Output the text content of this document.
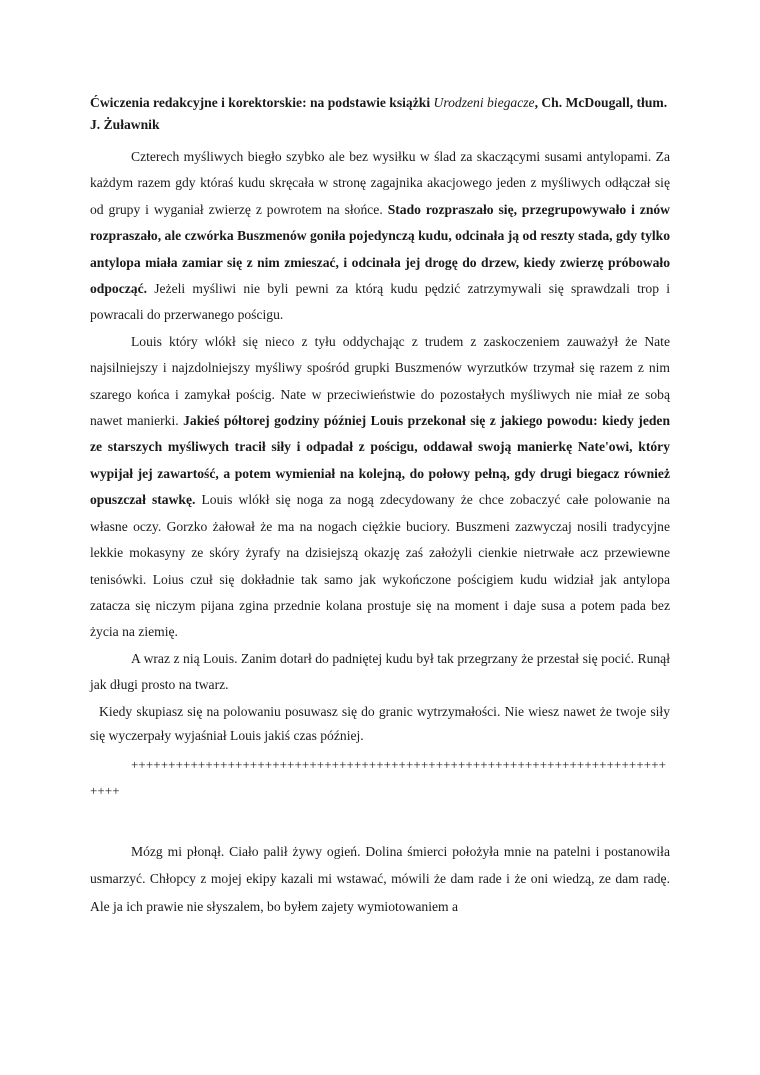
Ćwiczenia redakcyjne i korektorskie: na podstawie książki Urodzeni biegacze, Ch. McDougall, tłum. J. Żuławnik

Czterech myśliwych biegło szybko ale bez wysiłku w ślad za skaczącymi susami antylopami. Za każdym razem gdy któraś kudu skręcała w stronę zagajnika akacjowego jeden z myśliwych odłączał się od grupy i wyganiał zwierzę z powrotem na słońce. Stado rozpraszało się, przegrupowywało i znów rozpraszało, ale czwórka Buszmenów goniła pojedynczą kudu, odcinała ją od reszty stada, gdy tylko antylopa miała zamiar się z nim zmieszać, i odcinała jej drogę do drzew, kiedy zwierzę próbowało odpocząć. Jeżeli myśliwi nie byli pewni za którą kudu pędzić zatrzymywali się sprawdzali trop i powracali do przerwanego pościgu.

Louis który wlókł się nieco z tyłu oddychając z trudem z zaskoczeniem zauważył że Nate najsilniejszy i najzdolniejszy myśliwy spośród grupki Buszmenów wyrzutków trzymał się razem z nim szarego końca i zamykał pościg. Nate w przeciwieństwie do pozostałych myśliwych nie miał ze sobą nawet manierki. Jakieś półtorej godziny później Louis przekonał się z jakiego powodu: kiedy jeden ze starszych myśliwych tracił siły i odpadał z pościgu, oddawał swoją manierkę Nate'owi, który wypijał jej zawartość, a potem wymieniał na kolejną, do połowy pełną, gdy drugi biegacz również opuszczał stawkę. Louis wlókł się noga za nogą zdecydowany że chce zobaczyć całe polowanie na własne oczy. Gorzko żałował że ma na nogach ciężkie buciory. Buszmeni zazwyczaj nosili tradycyjne lekkie mokasyny ze skóry żyrafy na dzisiejszą okazję zaś założyli cienkie nietrwałe acz przewiewne tenisówki. Loius czuł się dokładnie tak samo jak wykończone pościgiem kudu widział jak antylopa zatacza się niczym pijana zgina przednie kolana prostuje się na moment i daje susa a potem pada bez życia na ziemię.

A wraz z nią Louis. Zanim dotarł do padniętej kudu był tak przegrzany że przestał się pocić. Runął jak długi prosto na twarz.

Kiedy skupiasz się na polowaniu posuwasz się do granic wytrzymałości. Nie wiesz nawet że twoje siły się wyczerpały wyjaśniał Louis jakiś czas później.

++++++++++++++++++++++++++++++++++++++++++++++++++++++++++++++++++++++++++++

Mózg mi płonął. Ciało palił żywy ogień. Dolina śmierci położyła mnie na patelni i postanowiła usmarzyć. Chłopcy z mojej ekipy kazali mi wstawać, mówili że dam rade i że oni wiedzą, ze dam radę. Ale ja ich prawie nie słyszalem, bo byłem zajety wymiotowaniem a
